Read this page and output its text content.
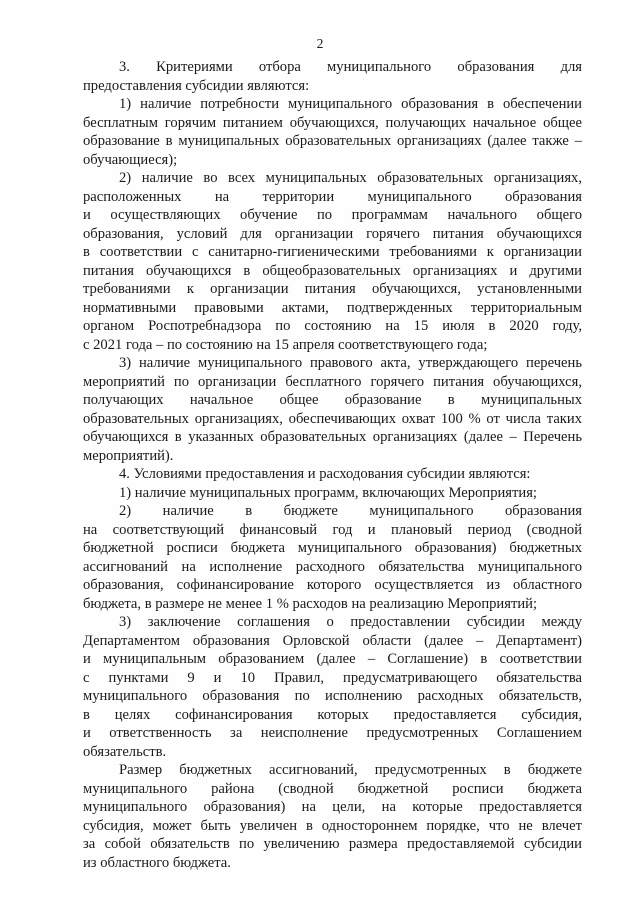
2
3. Критериями отбора муниципального образования для
предоставления субсидии являются:
1) наличие потребности муниципального образования в обеспечении
бесплатным горячим питанием обучающихся, получающих начальное общее
образование в муниципальных образовательных организациях (далее также –
обучающиеся);
2) наличие во всех муниципальных образовательных организациях,
расположенных на территории муниципального образования
и осуществляющих обучение по программам начального общего
образования, условий для организации горячего питания обучающихся
в соответствии с санитарно-гигиеническими требованиями к организации
питания обучающихся в общеобразовательных организациях и другими
требованиями к организации питания обучающихся, установленными
нормативными правовыми актами, подтвержденных территориальным
органом Роспотребнадзора по состоянию на 15 июля в 2020 году,
с 2021 года – по состоянию на 15 апреля соответствующего года;
3) наличие муниципального правового акта, утверждающего перечень
мероприятий по организации бесплатного горячего питания обучающихся,
получающих начальное общее образование в муниципальных
образовательных организациях, обеспечивающих охват 100 % от числа таких
обучающихся в указанных образовательных организациях (далее – Перечень
мероприятий).
4. Условиями предоставления и расходования субсидии являются:
1) наличие муниципальных программ, включающих Мероприятия;
2) наличие в бюджете муниципального образования
на соответствующий финансовый год и плановый период (сводной
бюджетной росписи бюджета муниципального образования) бюджетных
ассигнований на исполнение расходного обязательства муниципального
образования, софинансирование которого осуществляется из областного
бюджета, в размере не менее 1 % расходов на реализацию Мероприятий;
3) заключение соглашения о предоставлении субсидии между
Департаментом образования Орловской области (далее – Департамент)
и муниципальным образованием (далее – Соглашение) в соответствии
с пунктами 9 и 10 Правил, предусматривающего обязательства
муниципального образования по исполнению расходных обязательств,
в целях софинансирования которых предоставляется субсидия,
и ответственность за неисполнение предусмотренных Соглашением
обязательств.
Размер бюджетных ассигнований, предусмотренных в бюджете
муниципального района (сводной бюджетной росписи бюджета
муниципального образования) на цели, на которые предоставляется
субсидия, может быть увеличен в одностороннем порядке, что не влечет
за собой обязательств по увеличению размера предоставляемой субсидии
из областного бюджета.
